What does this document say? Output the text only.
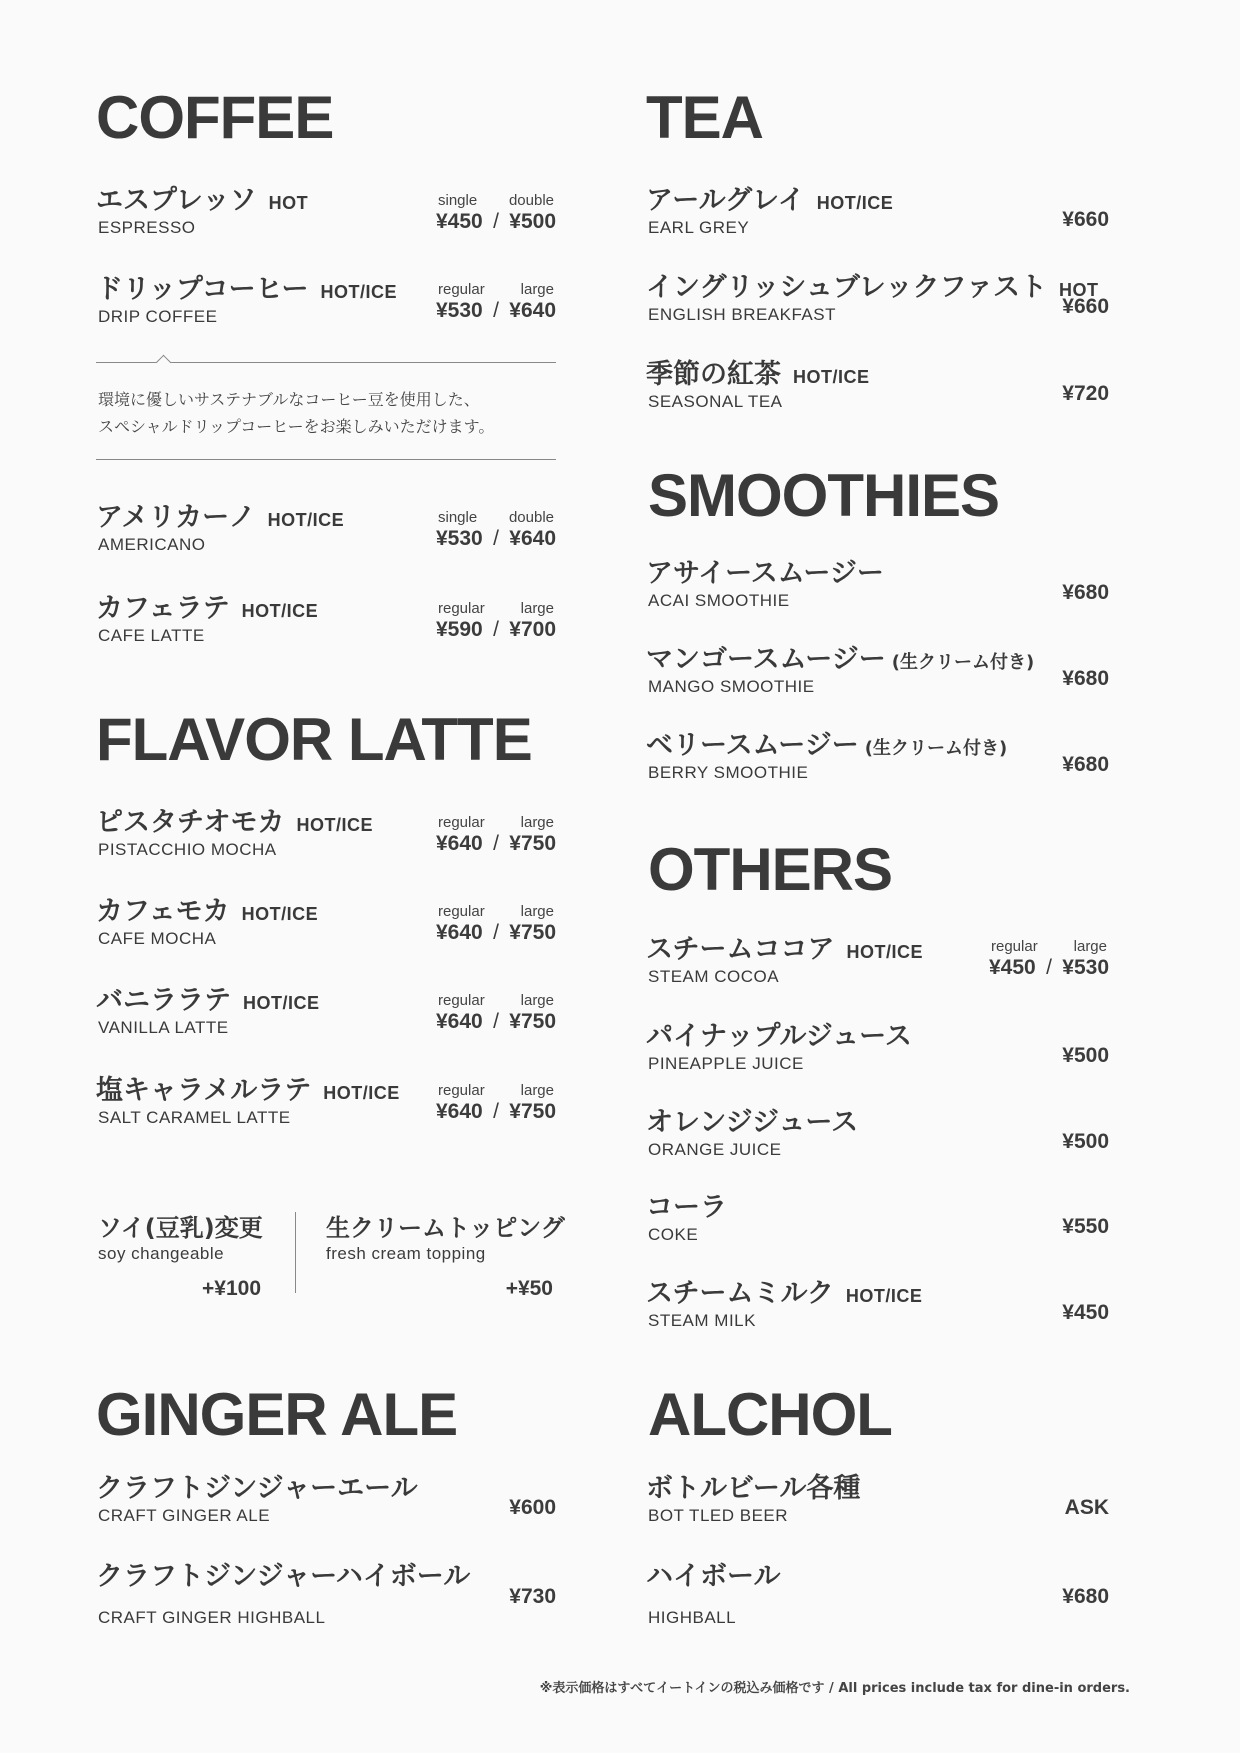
COFFEE
エスプレッソ HOT
ESPRESSO
single double
¥450 / ¥500
ドリップコーヒー HOT/ICE
DRIP COFFEE
regular large
¥530 / ¥640
環境に優しいサステナブルなコーヒー豆を使用した、
スペシャルドリップコーヒーをお楽しみいただけます。
アメリカーノ HOT/ICE
AMERICANO
single double
¥530 / ¥640
カフェラテ HOT/ICE
CAFE LATTE
regular large
¥590 / ¥700
FLAVOR LATTE
ピスタチオモカ HOT/ICE
PISTACCHIO MOCHA
regular large
¥640 / ¥750
カフェモカ HOT/ICE
CAFE MOCHA
regular large
¥640 / ¥750
バニララテ HOT/ICE
VANILLA LATTE
regular large
¥640 / ¥750
塩キャラメルラテ HOT/ICE
SALT CARAMEL LATTE
regular large
¥640 / ¥750
ソイ(豆乳)変更
soy changeable
+¥100
生クリームトッピング
fresh cream topping
+¥50
GINGER ALE
クラフトジンジャーエール
CRAFT GINGER ALE	¥600
クラフトジンジャーハイボール
CRAFT GINGER HIGHBALL
¥730
TEA
アールグレイ HOT/ICE
EARL GREY	¥660
イングリッシュブレックファスト HOT
ENGLISH BREAKFAST	¥660
季節の紅茶 HOT/ICE
SEASONAL TEA	¥720
SMOOTHIES
アサイースムージー
ACAI SMOOTHIE	¥680
マンゴースムージー (生クリーム付き)
MANGO SMOOTHIE	¥680
ベリースムージー (生クリーム付き)
BERRY SMOOTHIE	¥680
OTHERS
スチームココア HOT/ICE
STEAM COCOA
regular large
¥450 / ¥530
パイナップルジュース
PINEAPPLE JUICE	¥500
オレンジジュース
ORANGE JUICE	¥500
コーラ
COKE	¥550
スチームミルク HOT/ICE
STEAM MILK	¥450
ALCHOL
ボトルビール各種
BOT TLED BEER	ASK
ハイボール
HIGHBALL
¥680
※表示価格はすべてイートインの税込み価格です / All prices include tax for dine-in orders.
